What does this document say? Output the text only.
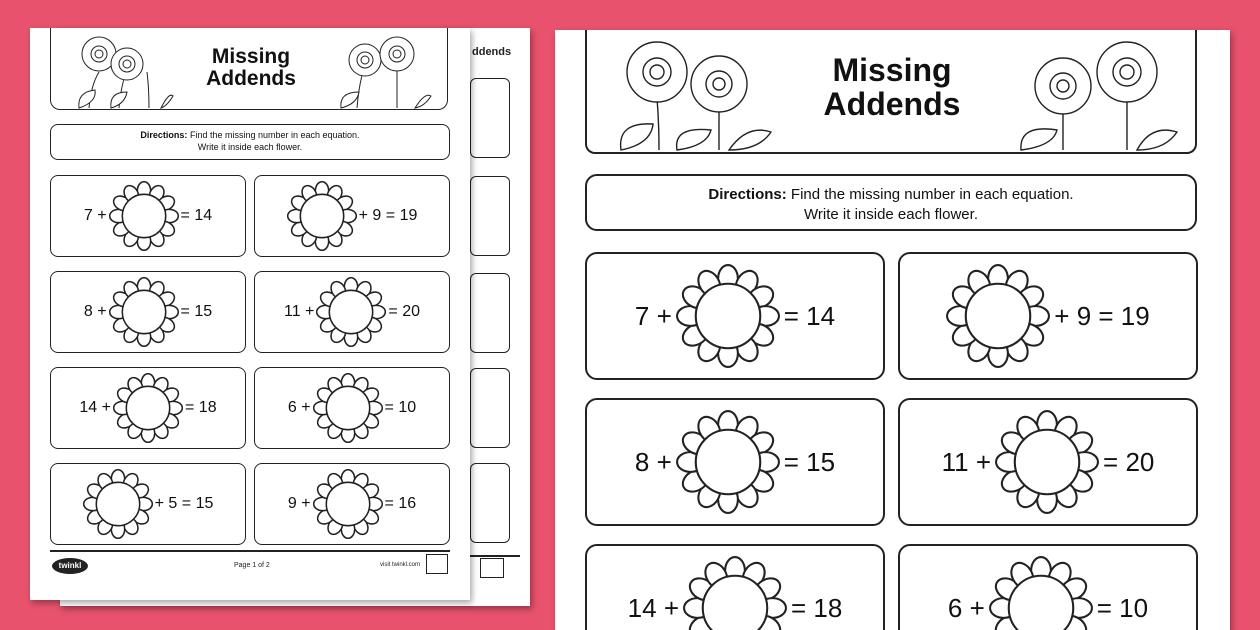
ddends
Missing
Addends
Directions: Find the missing number in each equation.
Write it inside each flower.
7 +	= 14	+ 9 = 19
8 +	= 15	11 +	= 20
14 +	= 18	6 +	= 10
+ 5 = 15	9 +	= 16
twinkl	Page 1 of 2	visit twinkl.com
Missing
Addends
Directions: Find the missing number in each equation.
Write it inside each flower.
7 +	= 14	+ 9 = 19
8 +	= 15	11 +	= 20
14 +	= 18	6 +	= 10
